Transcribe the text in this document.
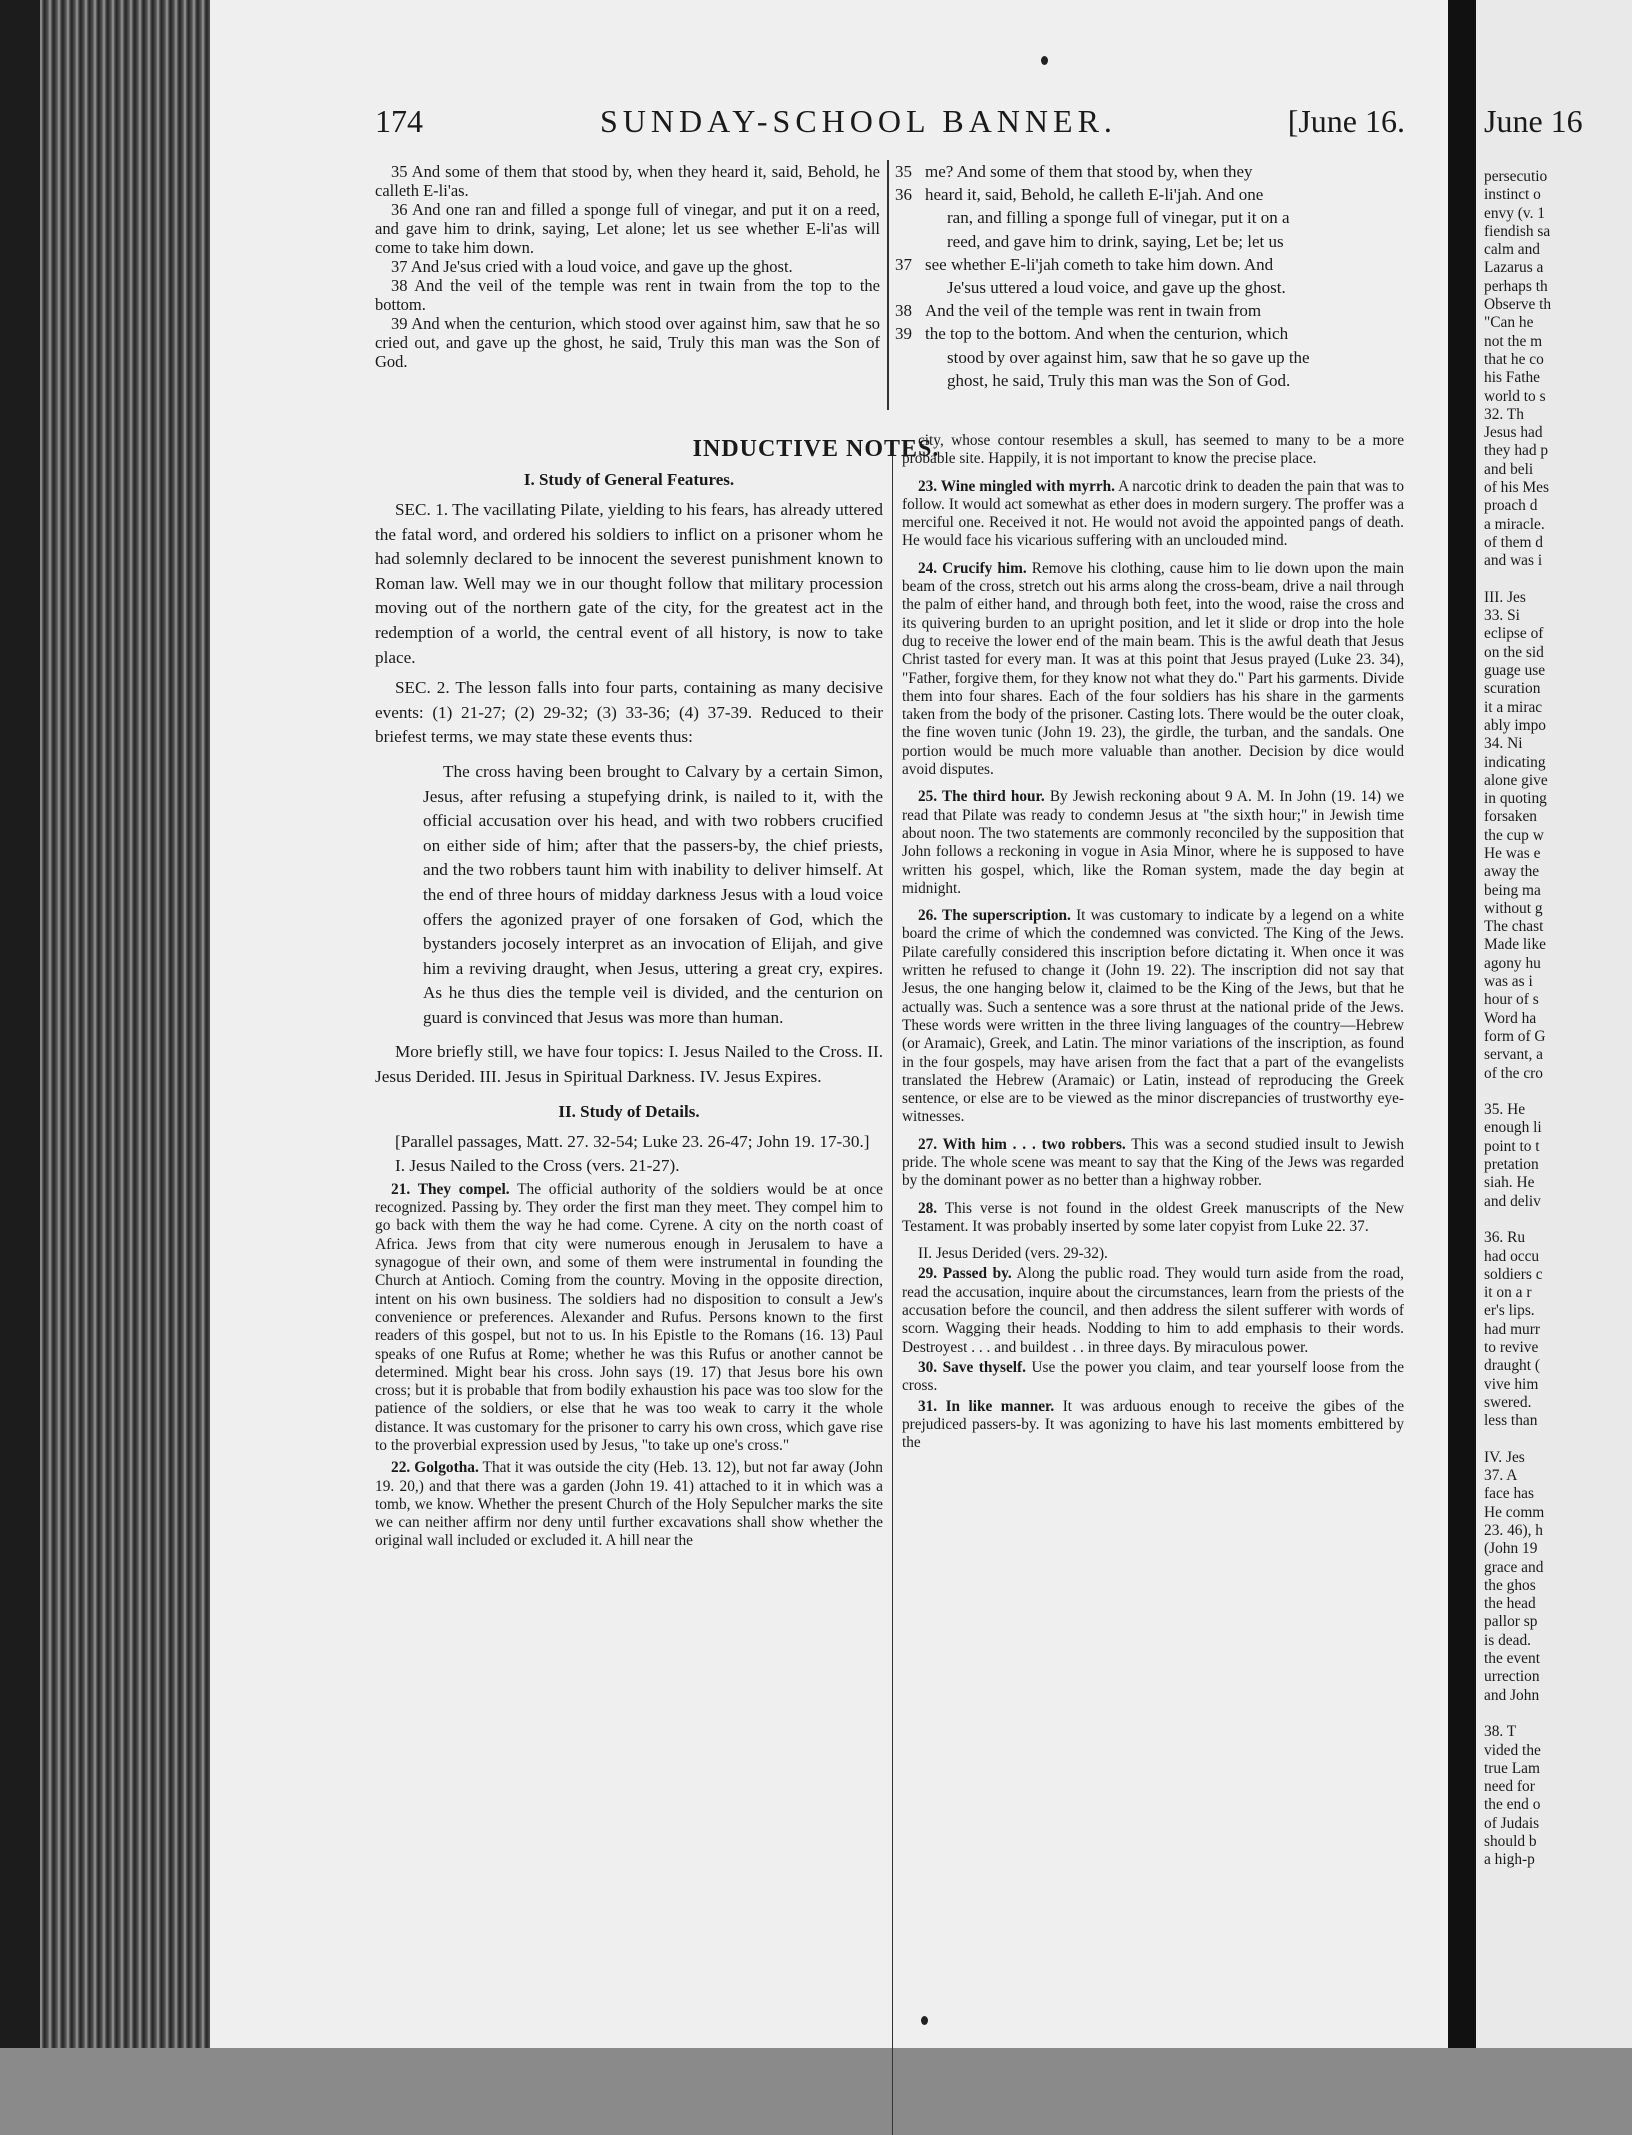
June 16
persecutio
instinct o
envy (v. 1
fiendish sa
calm and
Lazarus a
perhaps th
Observe th
"Can he
not the m
that he co
his Fathe
world to s
32. Th
Jesus had
they had p
and beli
of his Mes
proach d
a miracle.
of them d
and was i

III. Jes
33. Si
eclipse of
on the sid
guage use
scuration
it a mirac
ably impo
34. Ni
indicating
alone give
in quoting
forsaken
the cup w
He was e
away the
being ma
without g
The chast
Made like
agony hu
was as i
hour of s
Word ha
form of G
servant, a
of the cro

35. He
enough li
point to t
pretation
siah. He
and deliv

36. Ru
had occu
soldiers c
it on a r
er's lips.
had murr
to revive
draught (
vive him
swered.
less than

IV. Jes
37. A
face has
He comm
23. 46), h
(John 19
grace and
the ghos
the head
pallor sp
is dead.
the event
urrection
and John

38. T
vided the
true Lam
need for
the end o
of Judais
should b
a high-p
174	SUNDAY-SCHOOL BANNER.	[June 16.

35 And some of them that stood by, when they heard it, said, Behold, he calleth E-li'as.

36 And one ran and filled a sponge full of vinegar, and put it on a reed, and gave him to drink, saying, Let alone; let us see whether E-li'as will come to take him down.

37 And Je'sus cried with a loud voice, and gave up the ghost.

38 And the veil of the temple was rent in twain from the top to the bottom.

39 And when the centurion, which stood over against him, saw that he so cried out, and gave up the ghost, he said, Truly this man was the Son of God.

35 me? And some of them that stood by, when they
36 heard it, said, Behold, he calleth E-li'jah. And one
ran, and filling a sponge full of vinegar, put it on a
reed, and gave him to drink, saying, Let be; let us
37 see whether E-li'jah cometh to take him down. And
Je'sus uttered a loud voice, and gave up the ghost.
38 And the veil of the temple was rent in twain from
39 the top to the bottom. And when the centurion, which
stood by over against him, saw that he so gave up the
ghost, he said, Truly this man was the Son of God.
INDUCTIVE NOTES.
I. Study of General Features.

SEC. 1. The vacillating Pilate, yielding to his fears, has already uttered the fatal word, and ordered his soldiers to inflict on a prisoner whom he had solemnly declared to be innocent the severest punishment known to Roman law. Well may we in our thought follow that military procession moving out of the northern gate of the city, for the greatest act in the redemption of a world, the central event of all history, is now to take place.

SEC. 2. The lesson falls into four parts, containing as many decisive events: (1) 21-27; (2) 29-32; (3) 33-36; (4) 37-39. Reduced to their briefest terms, we may state these events thus:

The cross having been brought to Calvary by a certain Simon, Jesus, after refusing a stupefying drink, is nailed to it, with the official accusation over his head, and with two robbers crucified on either side of him; after that the passers-by, the chief priests, and the two robbers taunt him with inability to deliver himself. At the end of three hours of midday darkness Jesus with a loud voice offers the agonized prayer of one forsaken of God, which the bystanders jocosely interpret as an invocation of Elijah, and give him a reviving draught, when Jesus, uttering a great cry, expires. As he thus dies the temple veil is divided, and the centurion on guard is convinced that Jesus was more than human.

More briefly still, we have four topics: I. Jesus Nailed to the Cross. II. Jesus Derided. III. Jesus in Spiritual Darkness. IV. Jesus Expires.

II. Study of Details.

[Parallel passages, Matt. 27. 32-54; Luke 23. 26-47; John 19. 17-30.]

I. Jesus Nailed to the Cross (vers. 21-27).

21. They compel. The official authority of the soldiers would be at once recognized. Passing by. They order the first man they meet. They compel him to go back with them the way he had come. Cyrene. A city on the north coast of Africa. Jews from that city were numerous enough in Jerusalem to have a synagogue of their own, and some of them were instrumental in founding the Church at Antioch. Coming from the country. Moving in the opposite direction, intent on his own business. The soldiers had no disposition to consult a Jew's convenience or preferences. Alexander and Rufus. Persons known to the first readers of this gospel, but not to us. In his Epistle to the Romans (16. 13) Paul speaks of one Rufus at Rome; whether he was this Rufus or another cannot be determined. Might bear his cross. John says (19. 17) that Jesus bore his own cross; but it is probable that from bodily exhaustion his pace was too slow for the patience of the soldiers, or else that he was too weak to carry it the whole distance. It was customary for the prisoner to carry his own cross, which gave rise to the proverbial expression used by Jesus, "to take up one's cross."

22. Golgotha. That it was outside the city (Heb. 13. 12), but not far away (John 19. 20,) and that there was a garden (John 19. 41) attached to it in which was a tomb, we know. Whether the present Church of the Holy Sepulcher marks the site we can neither affirm nor deny until further excavations shall show whether the original wall included or excluded it. A hill near the

city, whose contour resembles a skull, has seemed to many to be a more probable site. Happily, it is not important to know the precise place.

23. Wine mingled with myrrh. A narcotic drink to deaden the pain that was to follow. It would act somewhat as ether does in modern surgery. The proffer was a merciful one. Received it not. He would not avoid the appointed pangs of death. He would face his vicarious suffering with an unclouded mind.

24. Crucify him. Remove his clothing, cause him to lie down upon the main beam of the cross, stretch out his arms along the cross-beam, drive a nail through the palm of either hand, and through both feet, into the wood, raise the cross and its quivering burden to an upright position, and let it slide or drop into the hole dug to receive the lower end of the main beam. This is the awful death that Jesus Christ tasted for every man. It was at this point that Jesus prayed (Luke 23. 34), "Father, forgive them, for they know not what they do." Part his garments. Divide them into four shares. Each of the four soldiers has his share in the garments taken from the body of the prisoner. Casting lots. There would be the outer cloak, the fine woven tunic (John 19. 23), the girdle, the turban, and the sandals. One portion would be much more valuable than another. Decision by dice would avoid disputes.

25. The third hour. By Jewish reckoning about 9 A. M. In John (19. 14) we read that Pilate was ready to condemn Jesus at "the sixth hour;" in Jewish time about noon. The two statements are commonly reconciled by the supposition that John follows a reckoning in vogue in Asia Minor, where he is supposed to have written his gospel, which, like the Roman system, made the day begin at midnight.

26. The superscription. It was customary to indicate by a legend on a white board the crime of which the condemned was convicted. The King of the Jews. Pilate carefully considered this inscription before dictating it. When once it was written he refused to change it (John 19. 22). The inscription did not say that Jesus, the one hanging below it, claimed to be the King of the Jews, but that he actually was. Such a sentence was a sore thrust at the national pride of the Jews. These words were written in the three living languages of the country—Hebrew (or Aramaic), Greek, and Latin. The minor variations of the inscription, as found in the four gospels, may have arisen from the fact that a part of the evangelists translated the Hebrew (Aramaic) or Latin, instead of reproducing the Greek sentence, or else are to be viewed as the minor discrepancies of trustworthy eye-witnesses.

27. With him . . . two robbers. This was a second studied insult to Jewish pride. The whole scene was meant to say that the King of the Jews was regarded by the dominant power as no better than a highway robber.

28. This verse is not found in the oldest Greek manuscripts of the New Testament. It was probably inserted by some later copyist from Luke 22. 37.

II. Jesus Derided (vers. 29-32).

29. Passed by. Along the public road. They would turn aside from the road, read the accusation, inquire about the circumstances, learn from the priests of the accusation before the council, and then address the silent sufferer with words of scorn. Wagging their heads. Nodding to him to add emphasis to their words. Destroyest . . . and buildest . . in three days. By miraculous power.

30. Save thyself. Use the power you claim, and tear yourself loose from the cross.

31. In like manner. It was arduous enough to receive the gibes of the prejudiced passers-by. It was agonizing to have his last moments embittered by the
